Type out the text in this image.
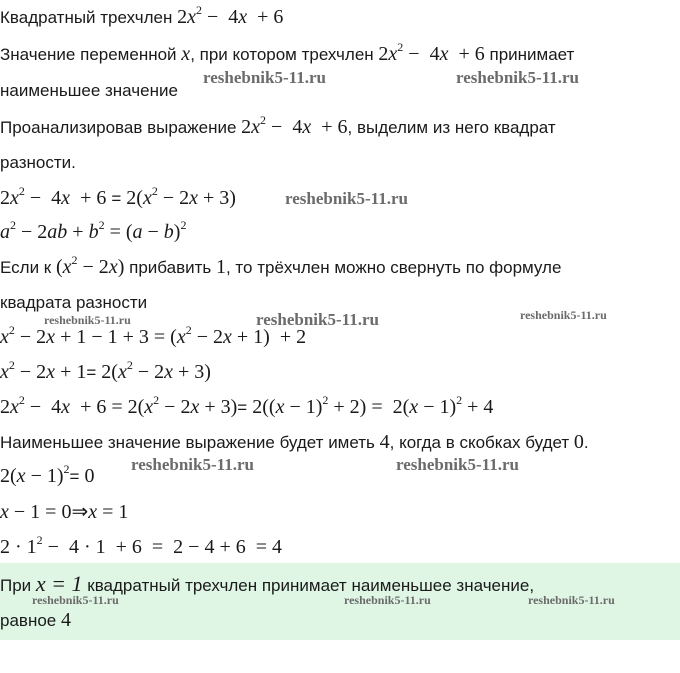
Квадратный трехчлен $2x^2 - 4x + 6$
Значение переменной x, при котором трехчлен $2x^2 - 4x + 6$ принимает
наименьшее значение
Проанализировав выражение $2x^2 - 4x + 6$, выделим из него квадрат
разности.
$2x^2 - 4x + 6 = 2(x^2 - 2x + 3)$
$a^2 - 2ab + b^2 = (a - b)^2$
Если к $(x^2 - 2x)$ прибавить 1, то трёхчлен можно свернуть по формуле
квадрата разности
$x^2 - 2x + 1 - 1 + 3 = (x^2 - 2x + 1) + 2$
$x^2 - 2x + 1= 2(x^2 - 2x + 3)$
$2x^2 - 4x + 6 = 2(x^2 - 2x + 3)= 2((x - 1)^2 + 2) = 2(x - 1)^2 + 4$
Наименьшее значение выражение будет иметь 4, когда в скобках будет 0.
$2(x - 1)^2= 0$
x − 1 = 0⇒x = 1
$2 \cdot 1^2 - 4 \cdot 1 + 6 = 2 - 4 + 6 = 4$
При x = 1 квадратный трехчлен принимает наименьшее значение,
равное 4
reshebnik5-11.ru	reshebnik5-11.ru
reshebnik5-11.ru
reshebnik5-11.ru	reshebnik5-11.ru	reshebnik5-11.ru
reshebnik5-11.ru	reshebnik5-11.ru
reshebnik5-11.ru	reshebnik5-11.ru	reshebnik5-11.ru
